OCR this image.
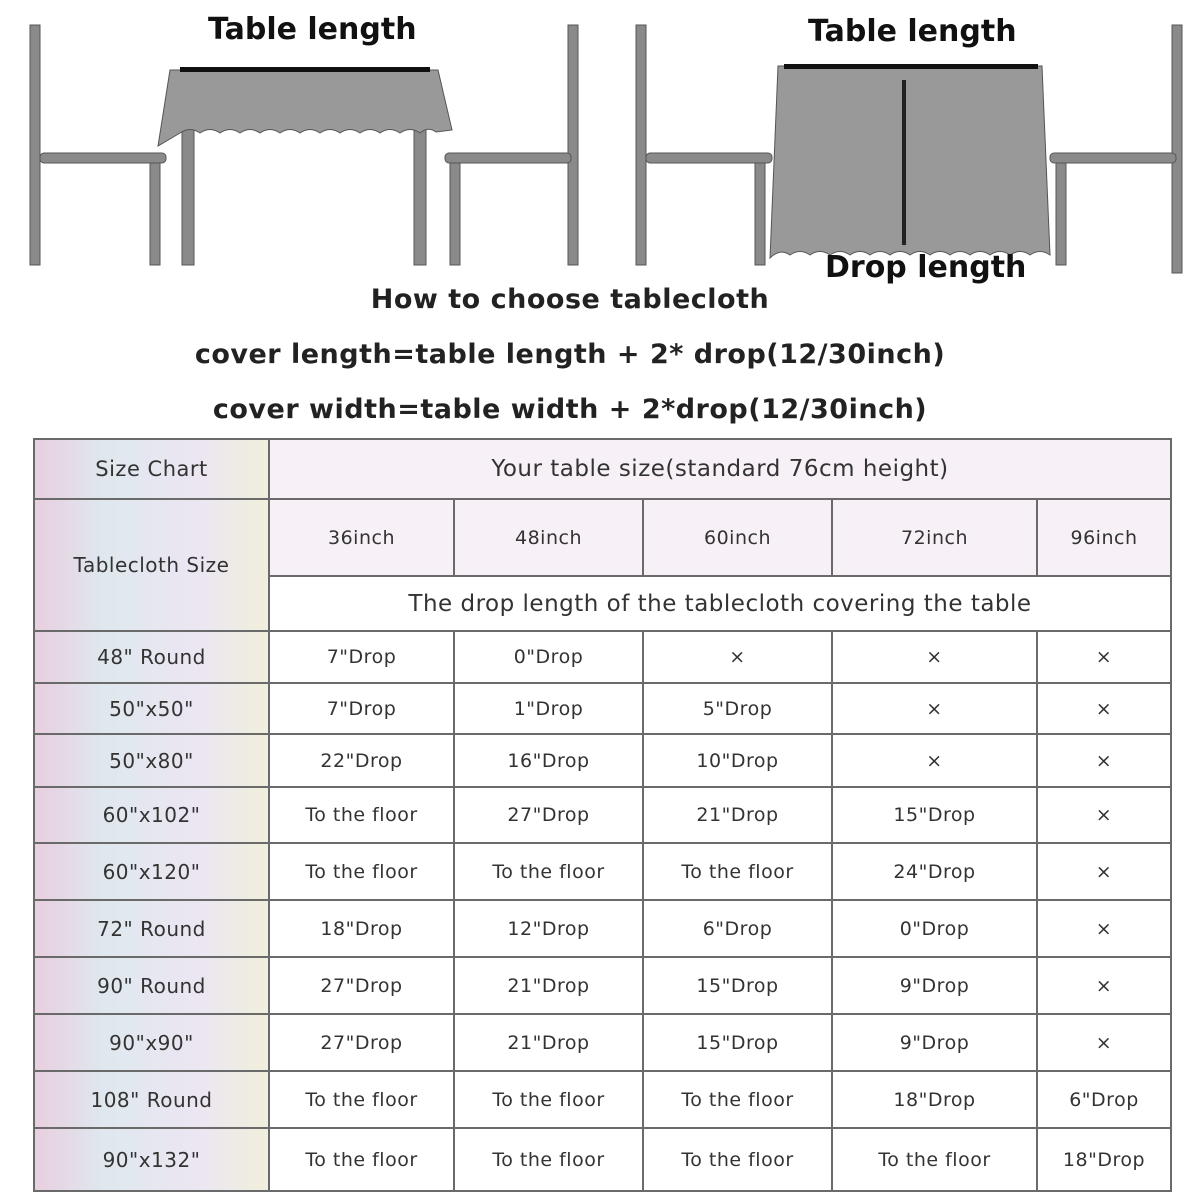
Table length	Table length
Drop length
How to choose tablecloth
cover length=table length + 2* drop(12/30inch)
cover width=table width + 2*drop(12/30inch)
Size Chart	Your table size(standard 76cm height)				
Tablecloth Size	36inch	48inch	60inch	72inch	96inch
	The drop length of the tablecloth covering the table				
48" Round	7"Drop	0"Drop	×	×	×
50"x50"	7"Drop	1"Drop	5"Drop	×	×
50"x80"	22"Drop	16"Drop	10"Drop	×	×
60"x102"	To the floor	27"Drop	21"Drop	15"Drop	×
60"x120"	To the floor	To the floor	To the floor	24"Drop	×
72" Round	18"Drop	12"Drop	6"Drop	0"Drop	×
90" Round	27"Drop	21"Drop	15"Drop	9"Drop	×
90"x90"	27"Drop	21"Drop	15"Drop	9"Drop	×
108" Round	To the floor	To the floor	To the floor	18"Drop	6"Drop
90"x132"	To the floor	To the floor	To the floor	To the floor	18"Drop
